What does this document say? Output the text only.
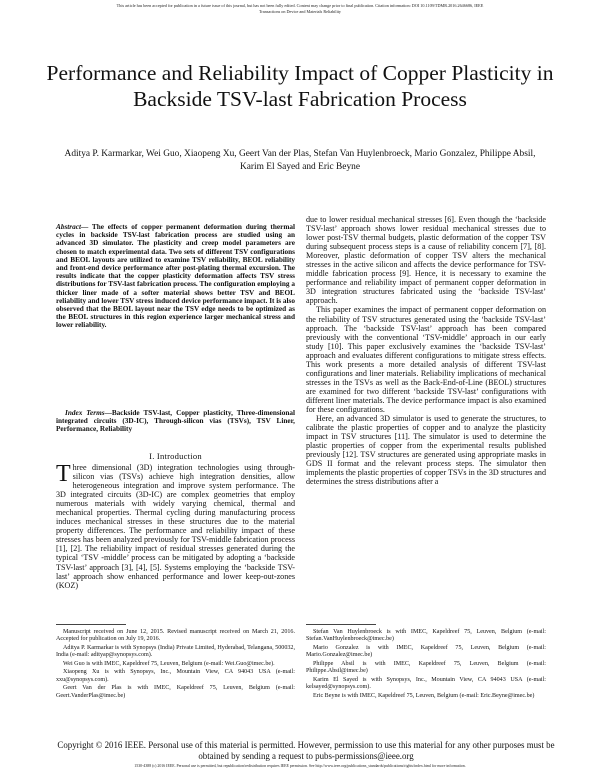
This article has been accepted for publication in a future issue of this journal, but has not been fully edited. Content may change prior to final publication. Citation information: DOI 10.1109/TDMR.2016.2646686, IEEE
Transactions on Device and Materials Reliability
Performance and Reliability Impact of Copper Plasticity in Backside TSV-last Fabrication Process
Aditya P. Karmarkar, Wei Guo, Xiaopeng Xu, Geert Van der Plas, Stefan Van Huylenbroeck, Mario Gonzalez, Philippe Absil, Karim El Sayed and Eric Beyne
Abstract— The effects of copper permanent deformation during thermal cycles in backside TSV-last fabrication process are studied using an advanced 3D simulator. The plasticity and creep model parameters are chosen to match experimental data. Two sets of different TSV configurations and BEOL layouts are utilized to examine TSV reliability, BEOL reliability and front-end device performance after post-plating thermal excursion. The results indicate that the copper plasticity deformation affects TSV stress distributions for TSV-last fabrication process. The configuration employing a thicker liner made of a softer material shows better TSV and BEOL reliability and lower TSV stress induced device performance impact. It is also observed that the BEOL layout near the TSV edge needs to be optimized as the BEOL structures in this region experience larger mechanical stress and lower reliability.
Index Terms—Backside TSV-last, Copper plasticity, Three-dimensional integrated circuits (3D-IC), Through-silicon vias (TSVs), TSV Liner, Performance, Reliability
I. Introduction
Three dimensional (3D) integration technologies using through-silicon vias (TSVs) achieve high integration densities, allow heterogeneous integration and improve system performance. The 3D integrated circuits (3D-IC) are complex geometries that employ numerous materials with widely varying chemical, thermal and mechanical properties. Thermal cycling during manufacturing process induces mechanical stresses in these structures due to the material property differences. The performance and reliability impact of these stresses has been analyzed previously for TSV-middle fabrication process [1], [2]. The reliability impact of residual stresses generated during the typical ‘TSV -middle’ process can be mitigated by adopting a ‘backside TSV-last’ approach [3], [4], [5]. Systems employing the ‘backside TSV-last’ approach show enhanced performance and lower keep-out-zones (KOZ)

due to lower residual mechanical stresses [6]. Even though the ‘backside TSV-last’ approach shows lower residual mechanical stresses due to lower post-TSV thermal budgets, plastic deformation of the copper TSV during subsequent process steps is a cause of reliability concern [7], [8]. Moreover, plastic deformation of copper TSV alters the mechanical stresses in the active silicon and affects the device performance for TSV-middle fabrication process [9]. Hence, it is necessary to examine the performance and reliability impact of permanent copper deformation in 3D integration structures fabricated using the ‘backside TSV-last’ approach.

This paper examines the impact of permanent copper deformation on the reliability of TSV structures generated using the ‘backside TSV-last’ approach. The ‘backside TSV-last’ approach has been compared previously with the conventional ‘TSV-middle’ approach in our early study [10]. This paper exclusively examines the ‘backside TSV-last’ approach and evaluates different configurations to mitigate stress effects. This work presents a more detailed analysis of different TSV-last configurations and liner materials. Reliability implications of mechanical stresses in the TSVs as well as the Back-End-of-Line (BEOL) structures are examined for two different ‘backside TSV-last’ configurations with different liner materials. The device performance impact is also examined for these configurations.

Here, an advanced 3D simulator is used to generate the structures, to calibrate the plastic properties of copper and to analyze the plasticity impact in TSV structures [11]. The simulator is used to determine the plastic properties of copper from the experimental results published previously [12]. TSV structures are generated using appropriate masks in GDS II format and the relevant process steps. The simulator then implements the plastic properties of copper TSVs in the 3D structures and determines the stress distributions after a

Manuscript received on June 12, 2015. Revised manuscript received on March 21, 2016. Accepted for publication on July 19, 2016.

Aditya P. Karmarkar is with Synopsys (India) Private Limited, Hyderabad, Telangana, 500032, India (e-mail: adityap@synopsys.com).

Wei Guo is with IMEC, Kapeldreef 75, Leuven, Belgium (e-mail: Wei.Guo@imec.be).

Xiaopeng Xu is with Synopsys, Inc., Mountain View, CA 94043 USA (e-mail: xxu@synopsys.com).

Geert Van der Plas is with IMEC, Kapeldreef 75, Leuven, Belgium (e-mail: Geert.VanderPlas@imec.be)

Stefan Van Huylenbroeck is with IMEC, Kapeldreef 75, Leuven, Belgium (e-mail: Stefan.VanHuylenbroeck@imec.be)

Mario Gonzalez is with IMEC, Kapeldreef 75, Leuven, Belgium (e-mail: Mario.Gonzalez@imec.be)

Philippe Absil is with IMEC, Kapeldreef 75, Leuven, Belgium (e-mail: Philippe.Absil@imec.be)

Karim El Sayed is with Synopsys, Inc., Mountain View, CA 94043 USA (e-mail: kelsayed@synopsys.com).

Eric Beyne is with IMEC, Kapeldreef 75, Leuven, Belgium (e-mail: Eric.Beyne@imec.be)

Copyright © 2016 IEEE. Personal use of this material is permitted. However, permission to use this material for any other purposes must be obtained by sending a request to pubs-permissions@ieee.org
1530-4388 (c) 2016 IEEE. Personal use is permitted, but republication/redistribution requires IEEE permission. See http://www.ieee.org/publications_standards/publications/rights/index.html for more information.
